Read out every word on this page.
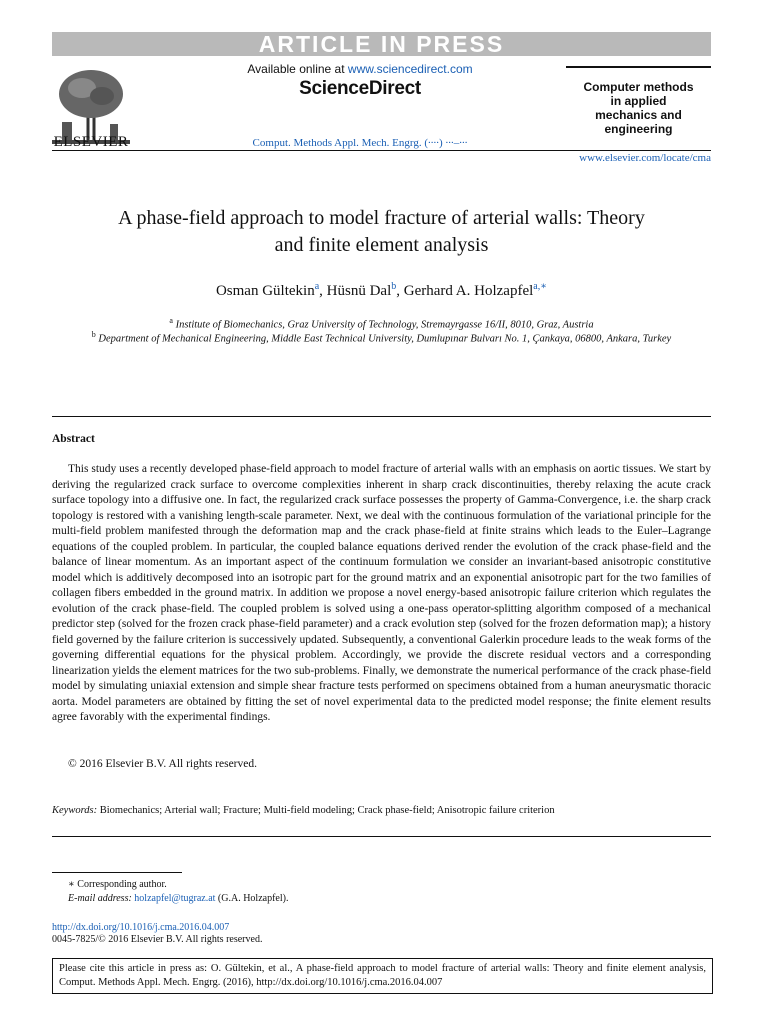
ARTICLE IN PRESS
ELSEVIER
Available online at www.sciencedirect.com
ScienceDirect
Comput. Methods Appl. Mech. Engrg. (∙∙∙∙) ∙∙∙–∙∙∙
Computer methods
in applied
mechanics and
engineering
www.elsevier.com/locate/cma
A phase-field approach to model fracture of arterial walls: Theory
and finite element analysis
Osman Gültekin$^a$, Hüsnü Dal$^b$, Gerhard A. Holzapfel$^{a,∗}$
$^a$ Institute of Biomechanics, Graz University of Technology, Stremayrgasse 16/II, 8010, Graz, Austria
$^b$ Department of Mechanical Engineering, Middle East Technical University, Dumlupınar Bulvarı No. 1, Çankaya, 06800, Ankara, Turkey
Abstract
This study uses a recently developed phase-field approach to model fracture of arterial walls with an emphasis on aortic tissues. We start by deriving the regularized crack surface to overcome complexities inherent in sharp crack discontinuities, thereby relaxing the acute crack surface topology into a diffusive one. In fact, the regularized crack surface possesses the property of Gamma-Convergence, i.e. the sharp crack topology is restored with a vanishing length-scale parameter. Next, we deal with the continuous formulation of the variational principle for the multi-field problem manifested through the deformation map and the crack phase-field at finite strains which leads to the Euler–Lagrange equations of the coupled problem. In particular, the coupled balance equations derived render the evolution of the crack phase-field and the balance of linear momentum. As an important aspect of the continuum formulation we consider an invariant-based anisotropic constitutive model which is additively decomposed into an isotropic part for the ground matrix and an exponential anisotropic part for the two families of collagen fibers embedded in the ground matrix. In addition we propose a novel energy-based anisotropic failure criterion which regulates the evolution of the crack phase-field. The coupled problem is solved using a one-pass operator-splitting algorithm composed of a mechanical predictor step (solved for the frozen crack phase-field parameter) and a crack evolution step (solved for the frozen deformation map); a history field governed by the failure criterion is successively updated. Subsequently, a conventional Galerkin procedure leads to the weak forms of the governing differential equations for the physical problem. Accordingly, we provide the discrete residual vectors and a corresponding linearization yields the element matrices for the two sub-problems. Finally, we demonstrate the numerical performance of the crack phase-field model by simulating uniaxial extension and simple shear fracture tests performed on specimens obtained from a human aneurysmatic thoracic aorta. Model parameters are obtained by fitting the set of novel experimental data to the predicted model response; the finite element results agree favorably with the experimental findings.
© 2016 Elsevier B.V. All rights reserved.
Keywords: Biomechanics; Arterial wall; Fracture; Multi-field modeling; Crack phase-field; Anisotropic failure criterion
∗ Corresponding author.
E-mail address: holzapfel@tugraz.at (G.A. Holzapfel).
http://dx.doi.org/10.1016/j.cma.2016.04.007
0045-7825/© 2016 Elsevier B.V. All rights reserved.
Please cite this article in press as: O. Gültekin, et al., A phase-field approach to model fracture of arterial walls: Theory and finite element analysis, Comput. Methods Appl. Mech. Engrg. (2016), http://dx.doi.org/10.1016/j.cma.2016.04.007
